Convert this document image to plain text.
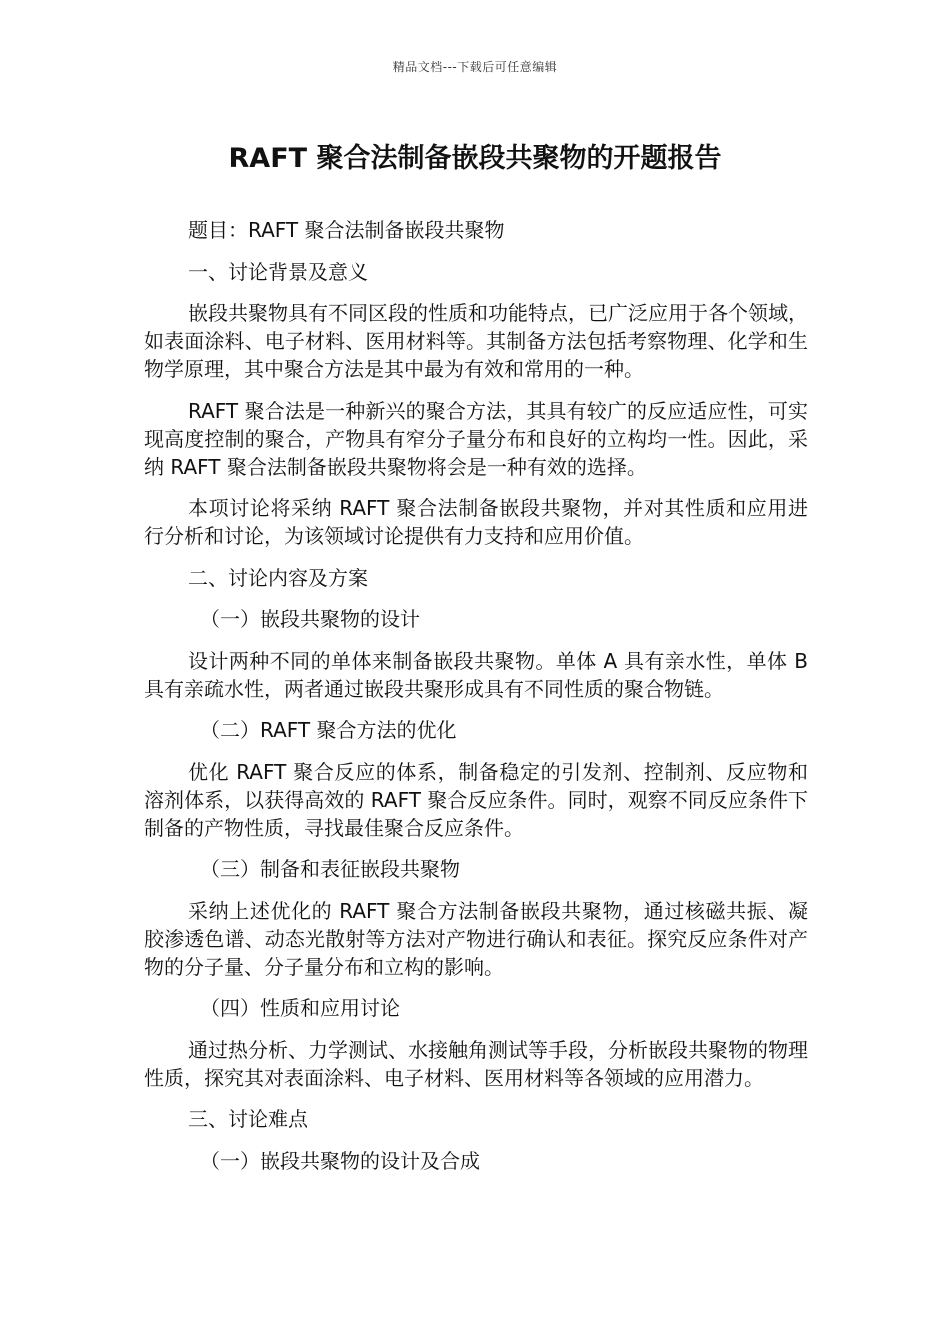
精品文档---下载后可任意编辑
RAFT 聚合法制备嵌段共聚物的开题报告
题目：RAFT 聚合法制备嵌段共聚物
一、讨论背景及意义

嵌段共聚物具有不同区段的性质和功能特点，已广泛应用于各个领域，如表面涂料、电子材料、医用材料等。其制备方法包括考察物理、化学和生物学原理，其中聚合方法是其中最为有效和常用的一种。

RAFT 聚合法是一种新兴的聚合方法，其具有较广的反应适应性，可实现高度控制的聚合，产物具有窄分子量分布和良好的立构均一性。因此，采纳 RAFT 聚合法制备嵌段共聚物将会是一种有效的选择。

本项讨论将采纳 RAFT 聚合法制备嵌段共聚物，并对其性质和应用进行分析和讨论，为该领域讨论提供有力支持和应用价值。

二、讨论内容及方案
（一）嵌段共聚物的设计

设计两种不同的单体来制备嵌段共聚物。单体 A 具有亲水性，单体 B 具有亲疏水性，两者通过嵌段共聚形成具有不同性质的聚合物链。

（二）RAFT 聚合方法的优化

优化 RAFT 聚合反应的体系，制备稳定的引发剂、控制剂、反应物和溶剂体系，以获得高效的 RAFT 聚合反应条件。同时，观察不同反应条件下制备的产物性质，寻找最佳聚合反应条件。

（三）制备和表征嵌段共聚物

采纳上述优化的 RAFT 聚合方法制备嵌段共聚物，通过核磁共振、凝胶渗透色谱、动态光散射等方法对产物进行确认和表征。探究反应条件对产物的分子量、分子量分布和立构的影响。

（四）性质和应用讨论

通过热分析、力学测试、水接触角测试等手段，分析嵌段共聚物的物理性质，探究其对表面涂料、电子材料、医用材料等各领域的应用潜力。

三、讨论难点
（一）嵌段共聚物的设计及合成
